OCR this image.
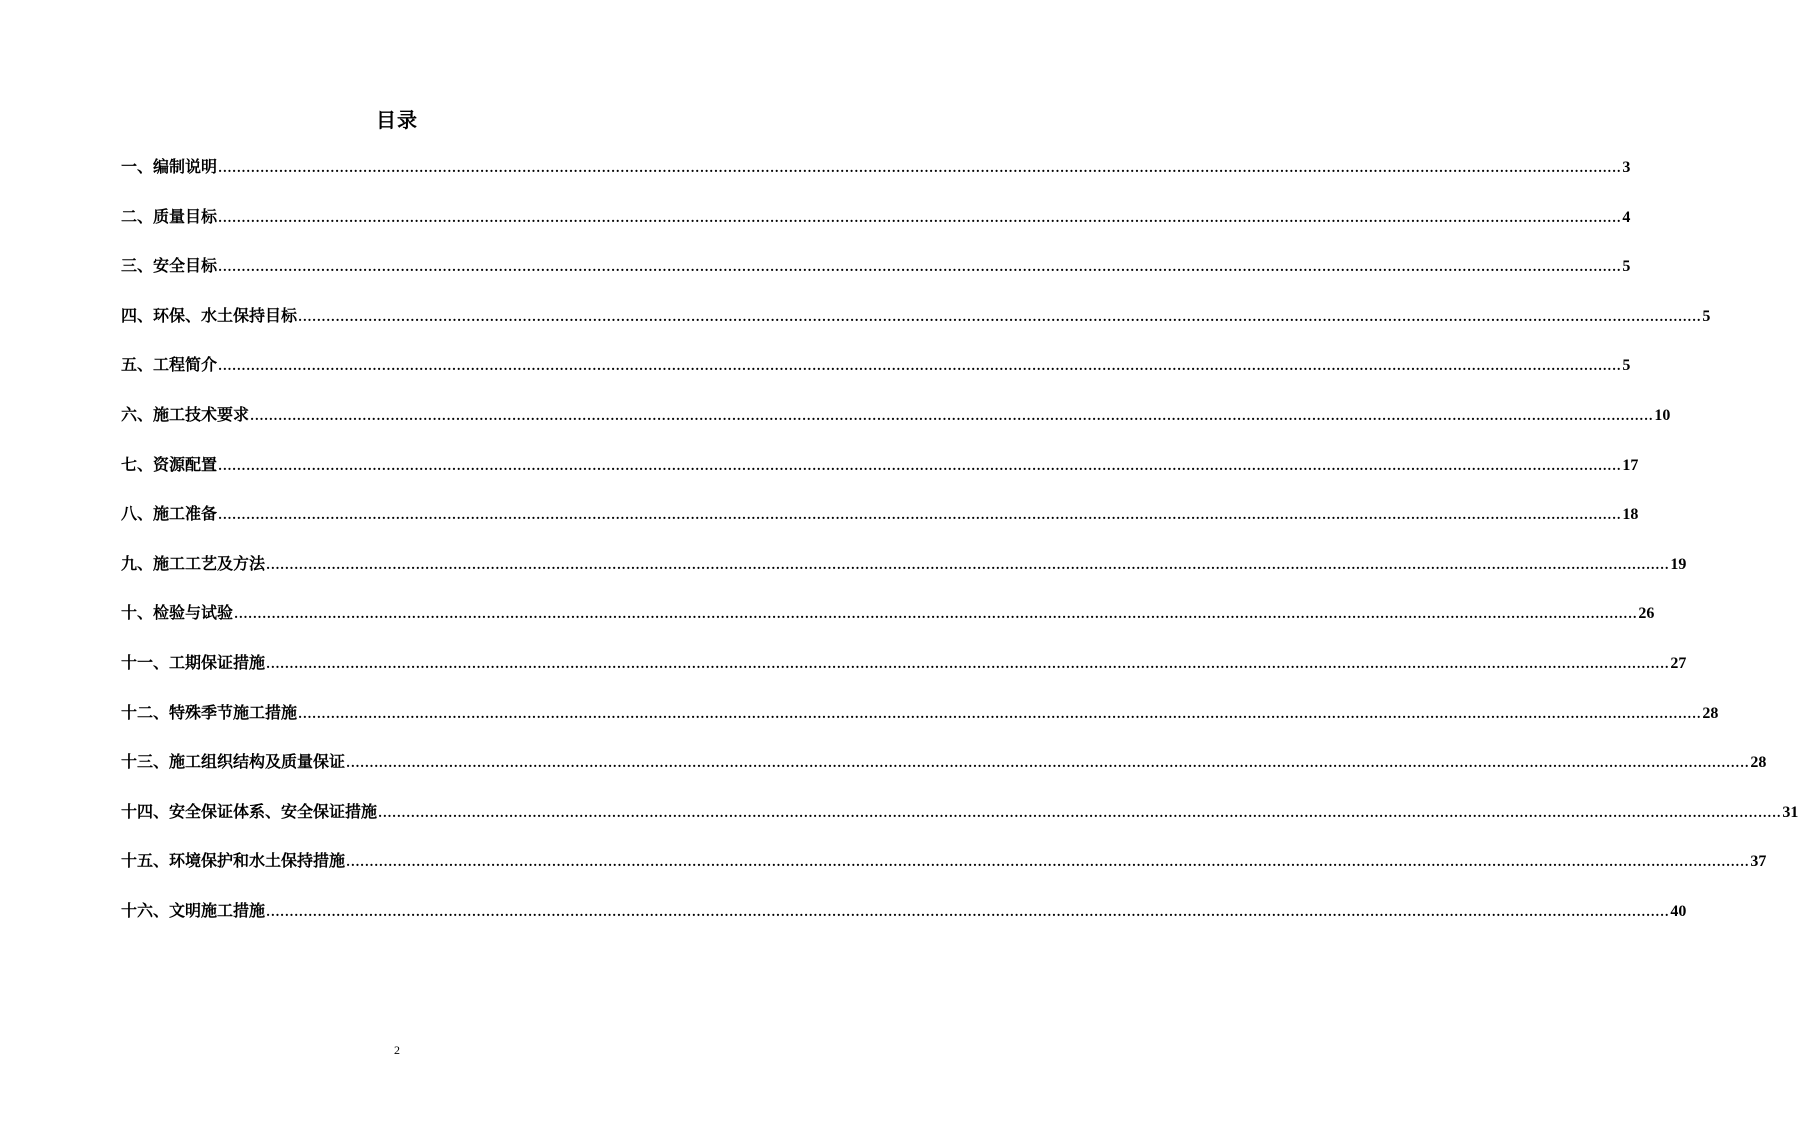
目录
一、编制说明 ............................................................................................................................................................................................................................................................................................................ 3
二、质量目标 ............................................................................................................................................................................................................................................................................................................ 4
三、安全目标 ............................................................................................................................................................................................................................................................................................................ 5
四、环保、水土保持目标 ............................................................................................................................................................................................................................................................................................................ 5
五、工程简介 ............................................................................................................................................................................................................................................................................................................ 5
六、施工技术要求 ............................................................................................................................................................................................................................................................................................................ 10
七、资源配置 ............................................................................................................................................................................................................................................................................................................ 17
八、施工准备 ............................................................................................................................................................................................................................................................................................................ 18
九、施工工艺及方法 ............................................................................................................................................................................................................................................................................................................ 19
十、检验与试验 ............................................................................................................................................................................................................................................................................................................ 26
十一、工期保证措施 ............................................................................................................................................................................................................................................................................................................ 27
十二、特殊季节施工措施 ............................................................................................................................................................................................................................................................................................................ 28
十三、施工组织结构及质量保证 ............................................................................................................................................................................................................................................................................................................ 28
十四、安全保证体系、安全保证措施 ............................................................................................................................................................................................................................................................................................................ 31
十五、环境保护和水土保持措施 ............................................................................................................................................................................................................................................................................................................ 37
十六、文明施工措施 ............................................................................................................................................................................................................................................................................................................ 40
2
